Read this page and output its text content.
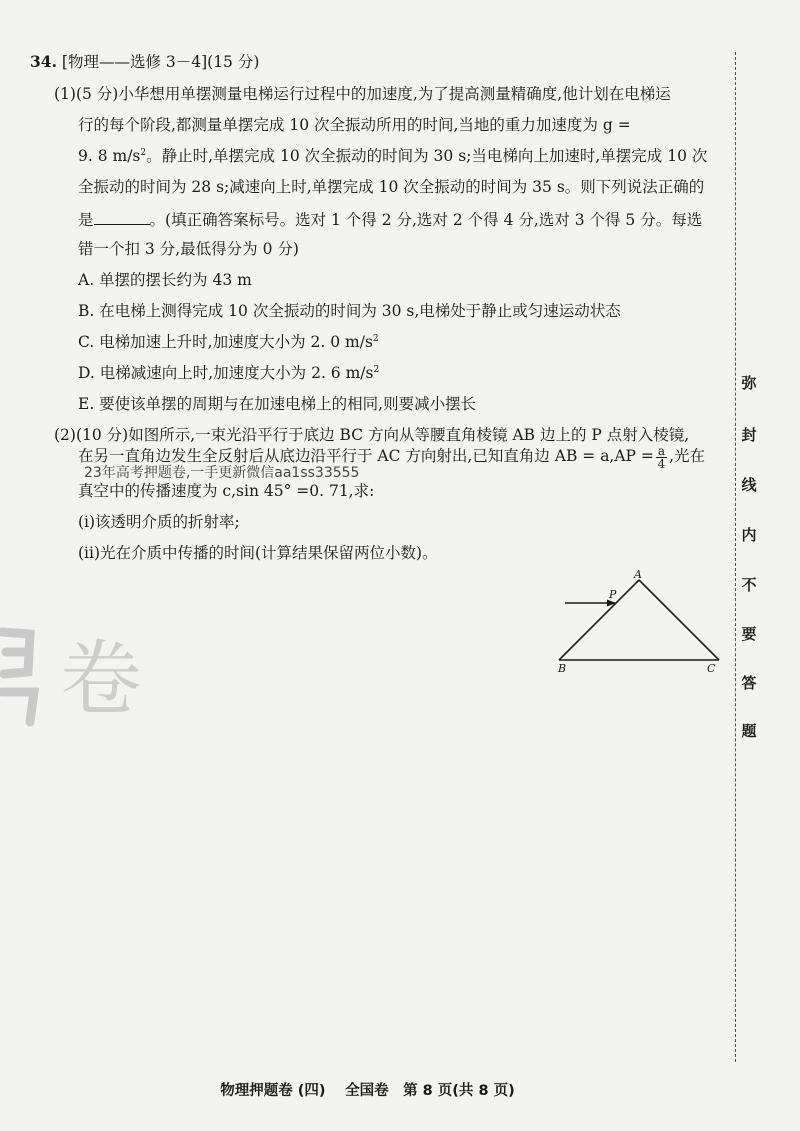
34. [物理——选修 3－4](15 分)
(1)(5 分)小华想用单摆测量电梯运行过程中的加速度,为了提高测量精确度,他计划在电梯运
行的每个阶段,都测量单摆完成 10 次全振动所用的时间,当地的重力加速度为 g =
9. 8 $m/s^2$。静止时,单摆完成 10 次全振动的时间为 30 s;当电梯向上加速时,单摆完成 10 次
全振动的时间为 28 s;减速向上时,单摆完成 10 次全振动的时间为 35 s。则下列说法正确的
是	。(填正确答案标号。选对 1 个得 2 分,选对 2 个得 4 分,选对 3 个得 5 分。每选
错一个扣 3 分,最低得分为 0 分)
A. 单摆的摆长约为 43 m
B. 在电梯上测得完成 10 次全振动的时间为 30 s,电梯处于静止或匀速运动状态
C. 电梯加速上升时,加速度大小为 2. 0 $m/s^2$
D. 电梯减速向上时,加速度大小为 2. 6 $m/s^2$
E. 要使该单摆的周期与在加速电梯上的相同,则要减小摆长
(2)(10 分)如图所示,一束光沿平行于底边 BC 方向从等腰直角棱镜 AB 边上的 P 点射入棱镜,
在另一直角边发生全反射后从底边沿平行于 AC 方向射出,已知直角边 AB = $a,AP = \frac{a}{4}$ ,光在
23年高考押题卷,一手更新微信aa1ss33555
真空中的传播速度为 c,sin 45° =0. 71,求:
(i)该透明介质的折射率;
(ii)光在介质中传播的时间(计算结果保留两位小数)。
卷
A
P
B	C
弥
封
线
内
不
要
答
题
物理押题卷 (四)　 全国卷　第 8 页(共 8 页)
